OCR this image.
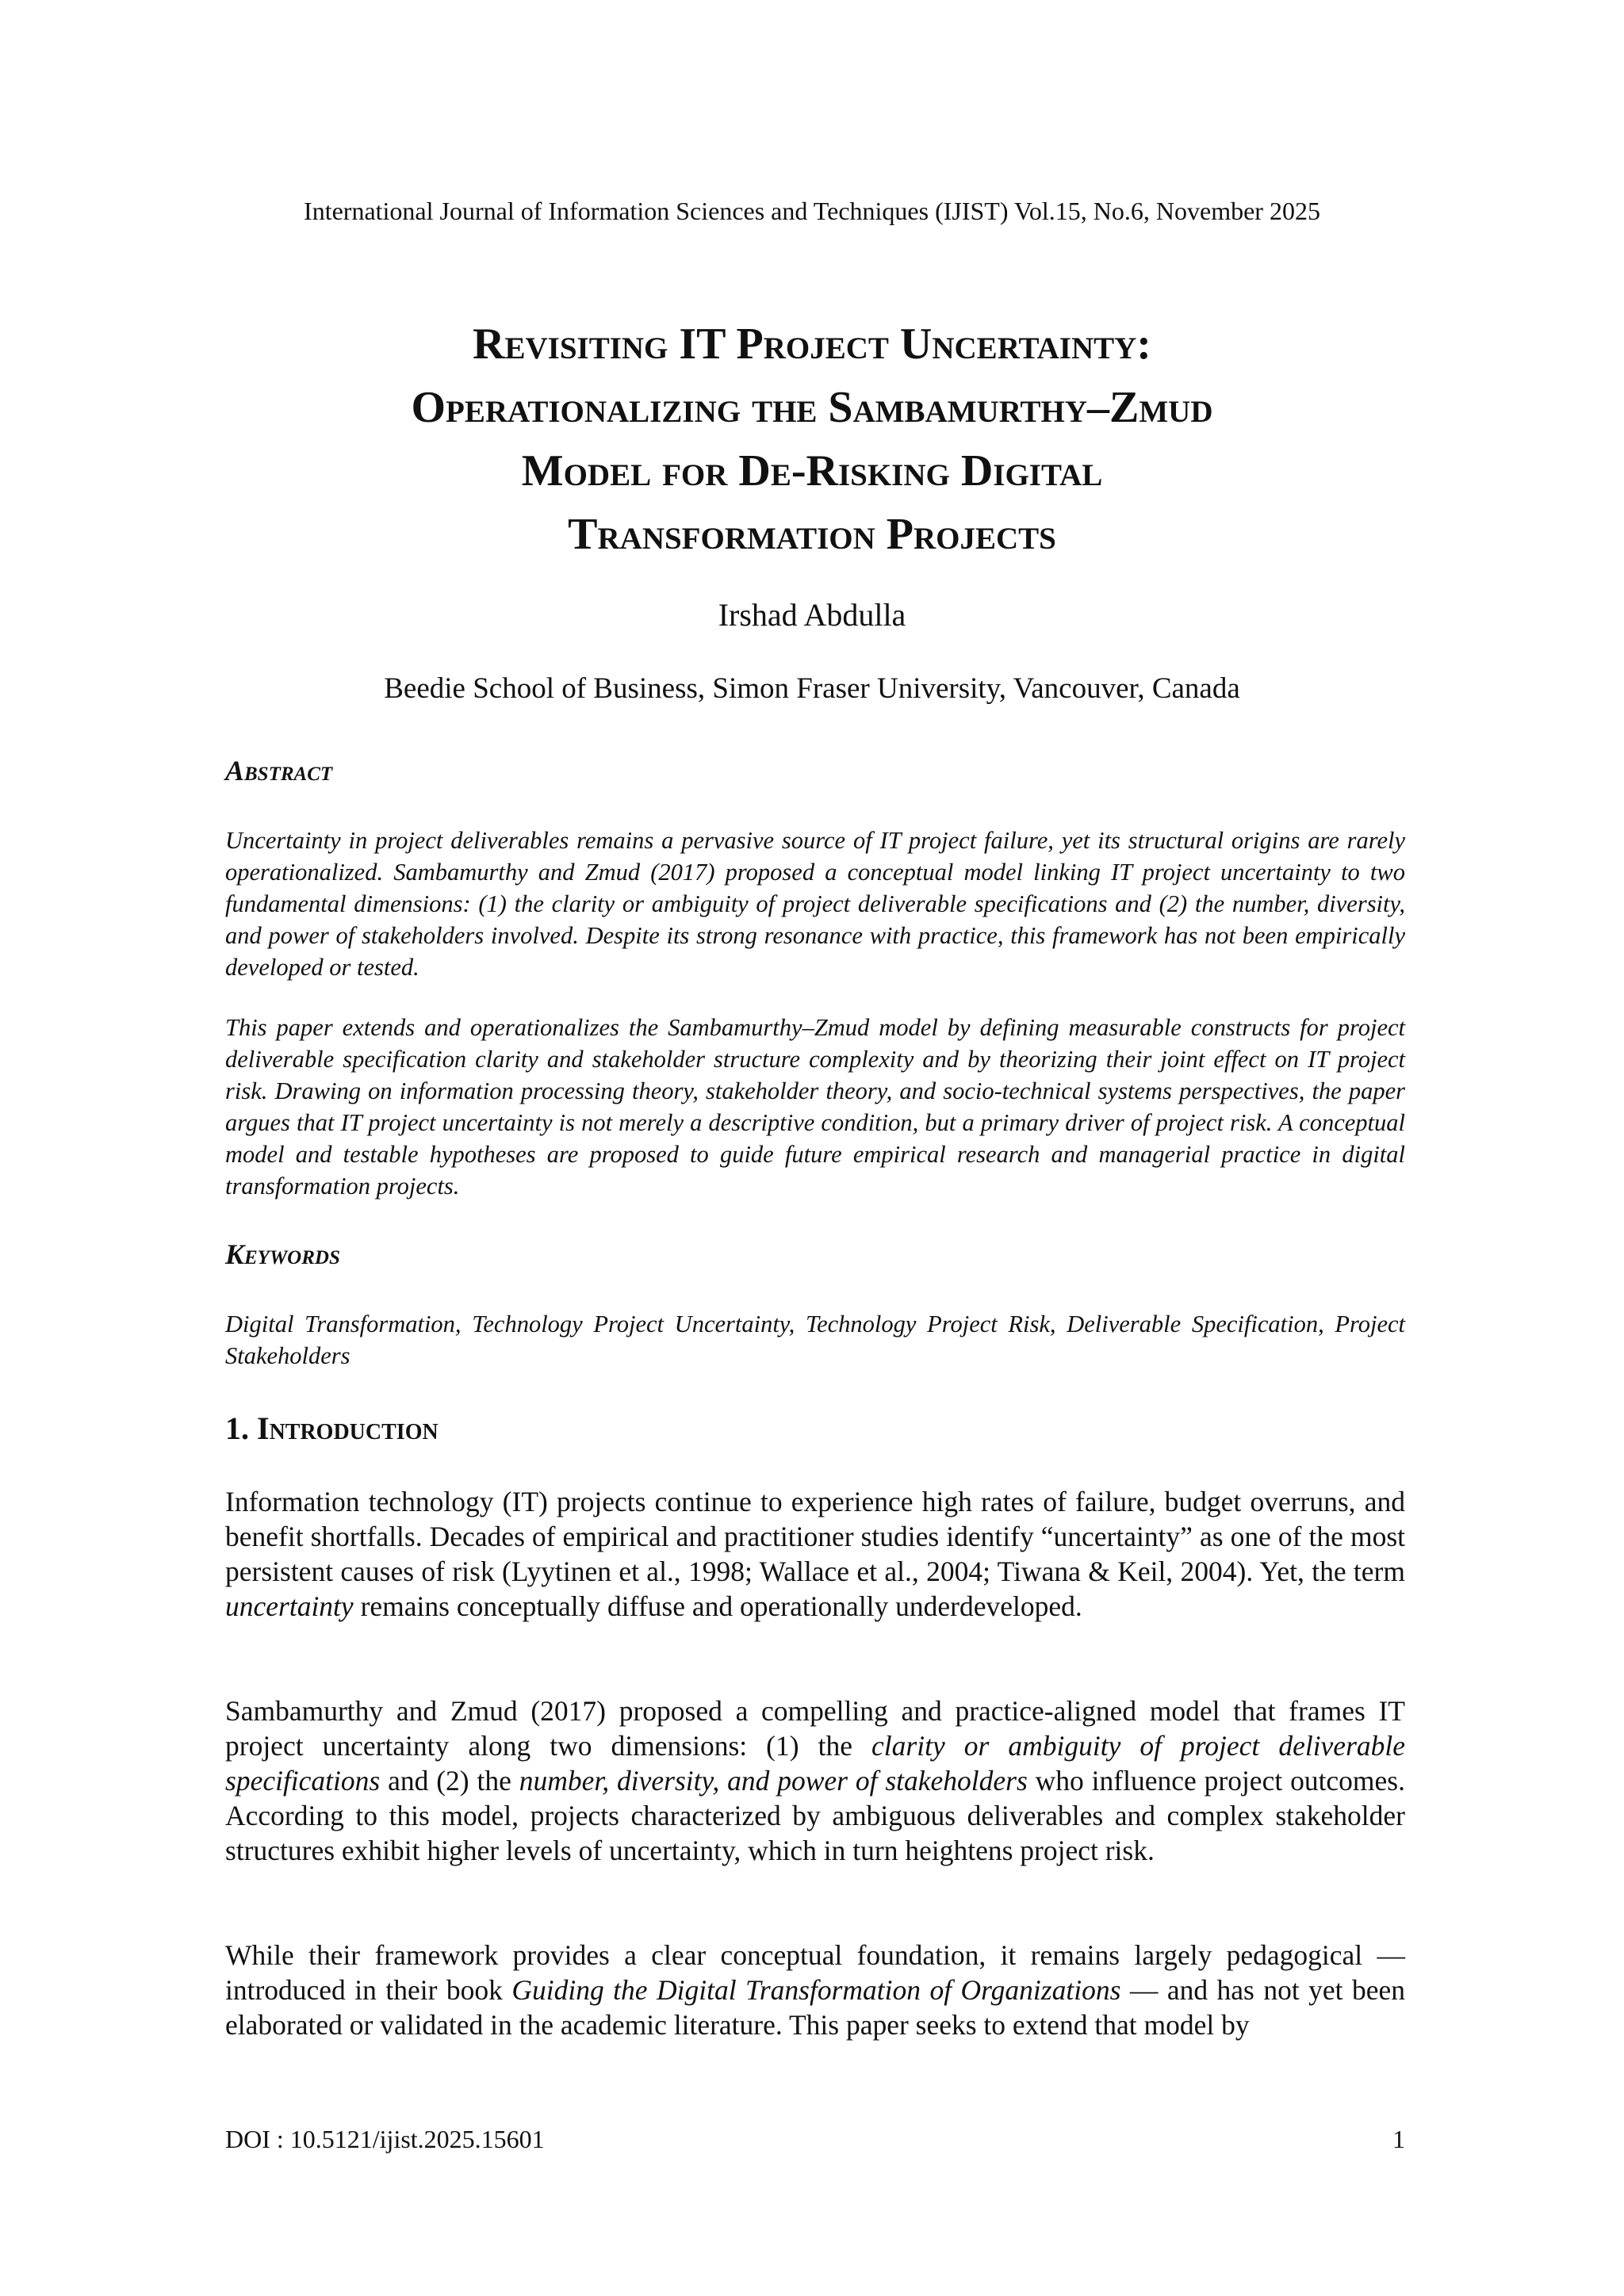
International Journal of Information Sciences and Techniques (IJIST) Vol.15, No.6, November 2025
Revisiting IT Project Uncertainty:
Operationalizing the Sambamurthy–Zmud
Model for De-Risking Digital
Transformation Projects
Irshad Abdulla
Beedie School of Business, Simon Fraser University, Vancouver, Canada
Abstract

Uncertainty in project deliverables remains a pervasive source of IT project failure, yet its structural origins are rarely operationalized. Sambamurthy and Zmud (2017) proposed a conceptual model linking IT project uncertainty to two fundamental dimensions: (1) the clarity or ambiguity of project deliverable specifications and (2) the number, diversity, and power of stakeholders involved. Despite its strong resonance with practice, this framework has not been empirically developed or tested.

This paper extends and operationalizes the Sambamurthy–Zmud model by defining measurable constructs for project deliverable specification clarity and stakeholder structure complexity and by theorizing their joint effect on IT project risk. Drawing on information processing theory, stakeholder theory, and socio-technical systems perspectives, the paper argues that IT project uncertainty is not merely a descriptive condition, but a primary driver of project risk. A conceptual model and testable hypotheses are proposed to guide future empirical research and managerial practice in digital transformation projects.

Keywords

Digital Transformation, Technology Project Uncertainty, Technology Project Risk, Deliverable Specification, Project Stakeholders

1. Introduction

Information technology (IT) projects continue to experience high rates of failure, budget overruns, and benefit shortfalls. Decades of empirical and practitioner studies identify “uncertainty” as one of the most persistent causes of risk (Lyytinen et al., 1998; Wallace et al., 2004; Tiwana & Keil, 2004). Yet, the term uncertainty remains conceptually diffuse and operationally underdeveloped.

Sambamurthy and Zmud (2017) proposed a compelling and practice-aligned model that frames IT project uncertainty along two dimensions: (1) the clarity or ambiguity of project deliverable specifications and (2) the number, diversity, and power of stakeholders who influence project outcomes. According to this model, projects characterized by ambiguous deliverables and complex stakeholder structures exhibit higher levels of uncertainty, which in turn heightens project risk.

While their framework provides a clear conceptual foundation, it remains largely pedagogical — introduced in their book Guiding the Digital Transformation of Organizations — and has not yet been elaborated or validated in the academic literature. This paper seeks to extend that model by

DOI : 10.5121/ijist.2025.15601	1
